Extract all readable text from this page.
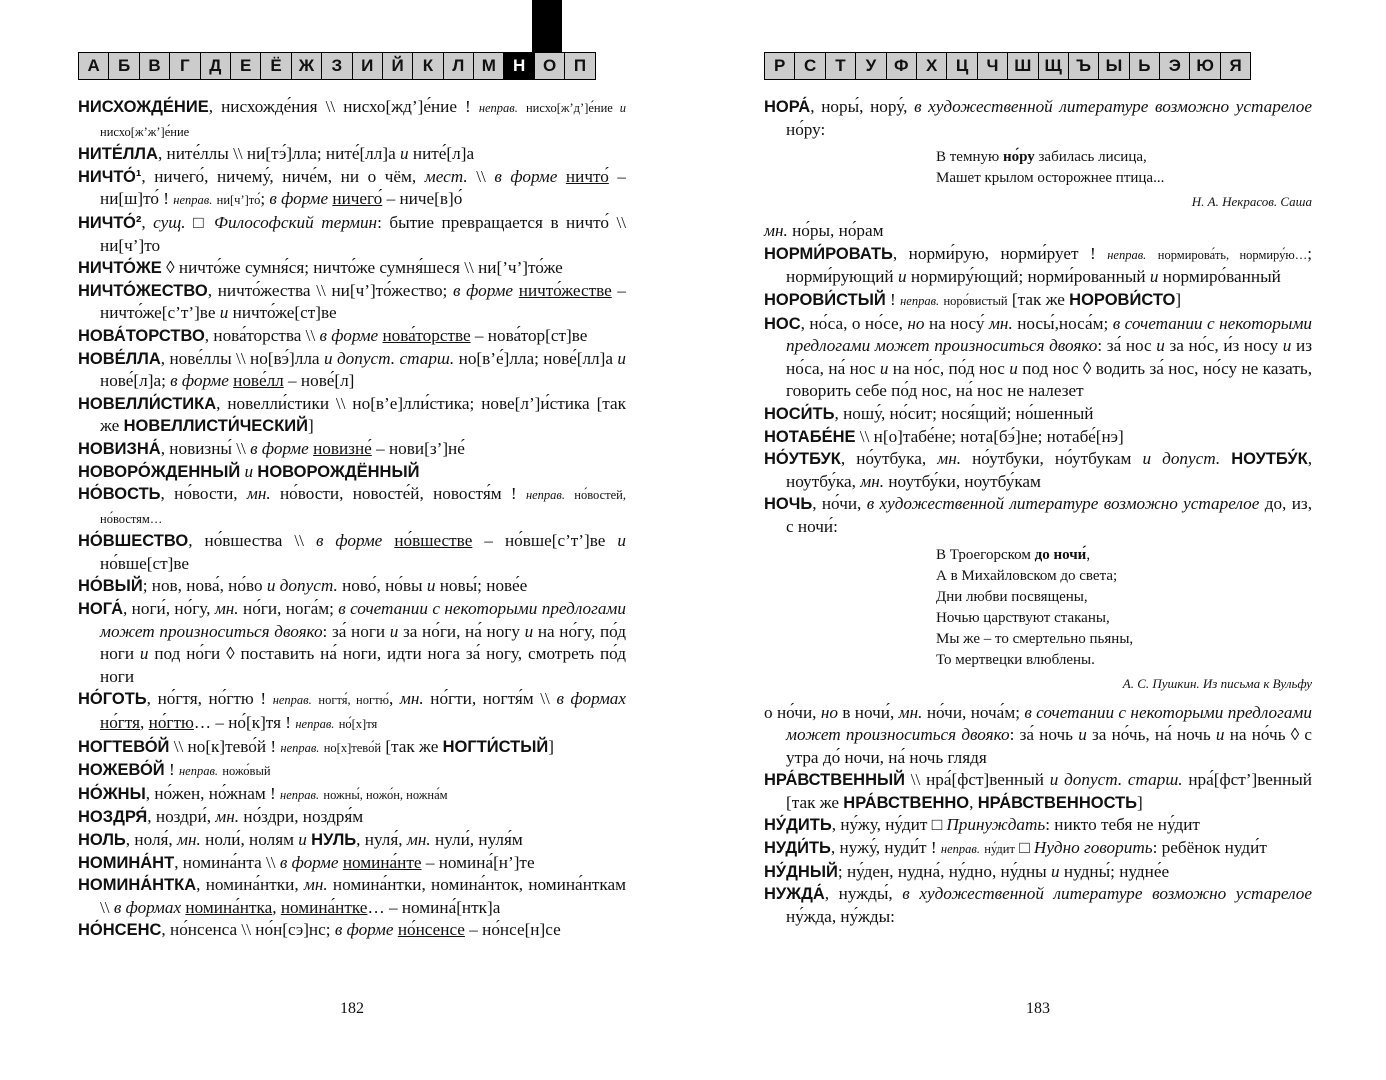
А	Б	В	Г	Д	Е	Ё	Ж	З	И	Й	К	Л	М	Н	О	П

НИСХОЖДЕ́НИЕ, нисхожде́ния \\ нисхо[жд’]е́ние ! неправ. нисхо[ж’д’]е́ние и нисхо[ж’ж’]е́ние

НИТЕ́ЛЛА, ните́ллы \\ ни[тэ́]лла; ните́[лл]а и ните́[л]а

НИЧТО́¹, ничего́, ничему́, ниче́м, ни о чём, мест. \\ в форме ничто́ – ни[ш]то́ ! неправ. ни[ч’]то́; в форме ничего́ – ниче[в]о́

НИЧТО́², сущ. □ Философский термин: бытие превращается в ничто́ \\ ни[ч’]то

НИЧТО́ЖЕ ◊ ничто́же сумня́ся; ничто́же сумня́шеся \\ ни[’ч’]то́же

НИЧТО́ЖЕСТВО, ничто́жества \\ ни[ч’]то́жество; в форме ничто́жестве – ничто́же[с’т’]ве и ничто́же[ст]ве

НОВА́ТОРСТВО, нова́торства \\ в форме нова́торстве – нова́тор[ст]ве

НОВЕ́ЛЛА, нове́ллы \\ но[вэ́]лла и допуст. старш. но[в’е́]лла; нове́[лл]а и нове́[л]а; в форме нове́лл – нове́[л]

НОВЕЛЛИ́СТИКА, новелли́стики \\ но[в’е]лли́стика; нове[л’]и́стика [так же НОВЕЛЛИСТИ́ЧЕСКИЙ]

НОВИЗНА́, новизны́ \\ в форме новизне́ – нови[з’]не́

НОВОРО́ЖДЕННЫЙ и НОВОРОЖДЁННЫЙ

НО́ВОСТЬ, но́вости, мн. но́вости, новосте́й, новостя́м ! неправ. но́востей, но́востям…

НО́ВШЕСТВО, но́вшества \\ в форме но́вшестве – но́вше[с’т’]ве и но́вше[ст]ве

НО́ВЫЙ; нов, нова́, но́во и допуст. ново́, но́вы и новы́; нове́е

НОГА́, ноги́, но́гу, мн. но́ги, нога́м; в сочетании с некоторыми предлогами может произноситься двояко: за́ ноги и за но́ги, на́ ногу и на но́гу, по́д ноги и под но́ги ◊ поставить на́ ноги, идти нога за́ ногу, смотреть по́д ноги

НО́ГОТЬ, но́гтя, но́гтю ! неправ. ногтя́, ногтю́, мн. но́гти, ногтя́м \\ в формах но́гтя, но́гтю… – но́[к]тя ! неправ. но́[х]тя

НОГТЕВО́Й \\ но[к]тево́й ! неправ. но[х]тево́й [так же НОГТИ́СТЫЙ]

НОЖЕВО́Й ! неправ. ножо́вый

НО́ЖНЫ, но́жен, но́жнам ! неправ. ножны́, ножо́н, ножна́м

НОЗДРЯ́, ноздри́, мн. но́здри, ноздря́м

НОЛЬ, ноля́, мн. ноли́, нолям и НУЛЬ, нуля́, мн. нули́, нуля́м

НОМИНА́НТ, номина́нта \\ в форме номина́нте – номина́[н’]те

НОМИНА́НТКА, номина́нтки, мн. номина́нтки, номина́нток, номина́нткам \\ в формах номина́нтка, номина́нтке… – номина́[нтк]а

НО́НСЕНС, но́нсенса \\ но́н[сэ]нс; в форме но́нсенсе – но́нсе[н]се

182
Р	С	Т	У	Ф	Х	Ц	Ч Ш Щ Ъ Ы Ь	Э Ю Я

НОРА́, норы́, нору́, в художественной литературе возможно устарелое но́ру:

В темную но́ру забилась лисица,
Машет крылом осторожнее птица...
Н. А. Некрасов. Саша

мн. но́ры, но́рам

НОРМИ́РОВАТЬ, норми́рую, норми́рует ! неправ. нормирова́ть, нормиру́ю…; норми́рующий и нормиру́ющий; норми́рованный и нормиро́ванный

НОРОВИ́СТЫЙ ! неправ. норо́вистый [так же НОРОВИ́СТО]

НОС, но́са, о но́се, но на носу́ мн. носы́,носа́м; в сочетании с некоторыми предлогами может произноситься двояко: за́ нос и за но́с, и́з носу и из но́са, на́ нос и на но́с, по́д нос и под нос ◊ водить за́ нос, но́су не казать, говорить себе по́д нос, на́ нос не налезет

НОСИ́ТЬ, ношу́, но́сит; нося́щий; но́шенный

НОТАБЕ́НЕ \\ н[о]табе́не; нота[бэ́]не; нотабе́[нэ]

НО́УТБУК, но́утбука, мн. но́утбуки, но́утбукам и допуст. НОУТБУ́К, ноутбу́ка, мн. ноутбу́ки, ноутбу́кам

НОЧЬ, но́чи, в художественной литературе возможно устарелое до, из, с ночи́:

В Троегорском до ночи́,
А в Михайловском до света;
Дни любви посвящены,
Ночью царствуют стаканы,
Мы же – то смертельно пьяны,
То мертвецки влюблены.
А. С. Пушкин. Из письма к Вульфу

о но́чи, но в ночи́, мн. но́чи, ноча́м; в сочетании с некоторыми предлогами может произноситься двояко: за́ ночь и за но́чь, на́ ночь и на но́чь ◊ с утра до́ ночи, на́ ночь глядя

НРА́ВСТВЕННЫЙ \\ нра́[фст]венный и допуст. старш. нра́[фст’]венный [так же НРА́ВСТВЕННО, НРА́ВСТВЕННОСТЬ]

НУ́ДИТЬ, ну́жу, ну́дит □ Принуждать: никто тебя не ну́дит

НУДИ́ТЬ, нужу́, нуди́т ! неправ. ну́дит □ Нудно говорить: ребёнок нуди́т

НУ́ДНЫЙ; ну́ден, нудна́, ну́дно, ну́дны и нудны́; нудне́е

НУЖДА́, нужды́, в художественной литературе возможно устарелое ну́жда, ну́жды:

183
